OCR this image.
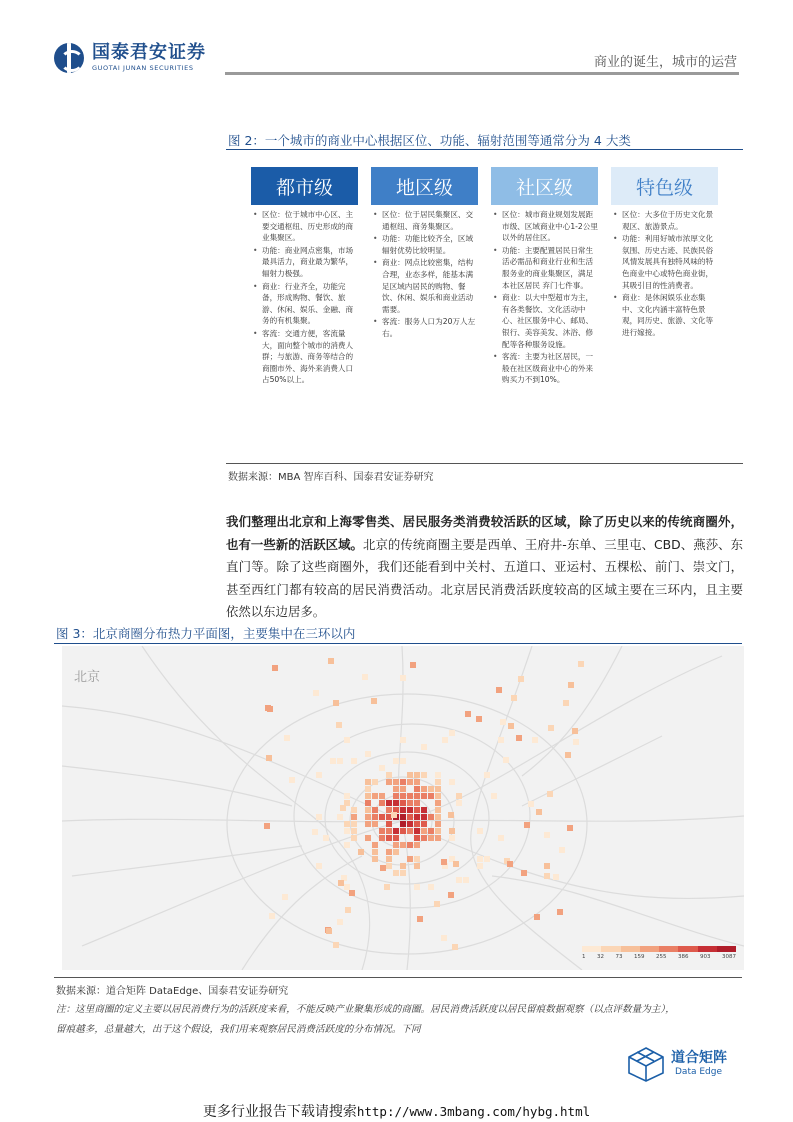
国泰君安证券
GUOTAI JUNAN SECURITIES	商业的诞生，城市的运营
图 2：一个城市的商业中心根据区位、功能、辐射范围等通常分为 4 大类
都市级
• 区位：位于城市中心区、主要交通枢纽、历史形成的商业集聚区。
• 功能：商业网点密集，市场最具活力，商业最为繁华，辐射力极强。
• 商业：行业齐全，功能完备，形成购物、餐饮、旅游、休闲、娱乐、金融、商务的有机集聚。
• 客流：交通方便，客流量大，面向整个城市的消费人群；与旅游、商务等结合的商圈市外、海外来消费人口占50%以上。
地区级
• 区位：位于居民集聚区、交通枢纽、商务集聚区。
• 功能：功能比较齐全，区域辐射优势比较明显。
• 商业：网点比较密集，结构合理，业态多样，能基本满足区域内居民的购物、餐饮、休闲、娱乐和商业活动需要。
• 客流：服务人口为20万人左右。
社区级
• 区位：城市商业规划发展距市级、区域商业中心1-2公里以外的居住区。
• 功能：主要配置居民日常生活必需品和商业行业和生活服务业的商业集聚区，满足本社区居民 弃门七件事。
• 商业：以大中型超市为主，有各类餐饮、文化活动中心、社区服务中心、邮局、银行、美容美发、沐浴、修配等各种服务设施。
• 客流：主要为社区居民，一般在社区级商业中心的外来购买力不到10%。
特色级
• 区位：大多位于历史文化景观区、旅游景点。
• 功能：利用好城市浓厚文化氛围、历史古迹、民族民俗风情发展具有独特风味的特色商业中心或特色商业街，其吸引目的性消费者。
• 商业：是休闲娱乐业态集中、文化内涵丰富特色景观，同历史、旅游、文化等进行嫁接。
数据来源：MBA 智库百科、国泰君安证券研究
我们整理出北京和上海零售类、居民服务类消费较活跃的区域，除了历史以来的传统商圈外，也有一些新的活跃区域。北京的传统商圈主要是西单、王府井-东单、三里屯、CBD、燕莎、东直门等。除了这些商圈外，我们还能看到中关村、五道口、亚运村、五棵松、前门、崇文门，甚至西红门都有较高的居民消费活动。北京居民消费活跃度较高的区域主要在三环内，且主要依然以东边居多。
图 3：北京商圈分布热力平面图，主要集中在三环以内
北京
1 32 73 159 255 386 903 3087
数据来源：道合矩阵 DataEdge、国泰君安证券研究
注：这里商圈的定义主要以居民消费行为的活跃度来看，不能反映产业聚集形成的商圈。居民消费活跃度以居民留痕数据观察（以点评数量为主），
留痕越多，总量越大，出于这个假设，我们用来观察居民消费活跃度的分布情况。下同
道合矩阵
Data Edge
更多行业报告下载请搜索http://www.3mbang.com/hybg.html
